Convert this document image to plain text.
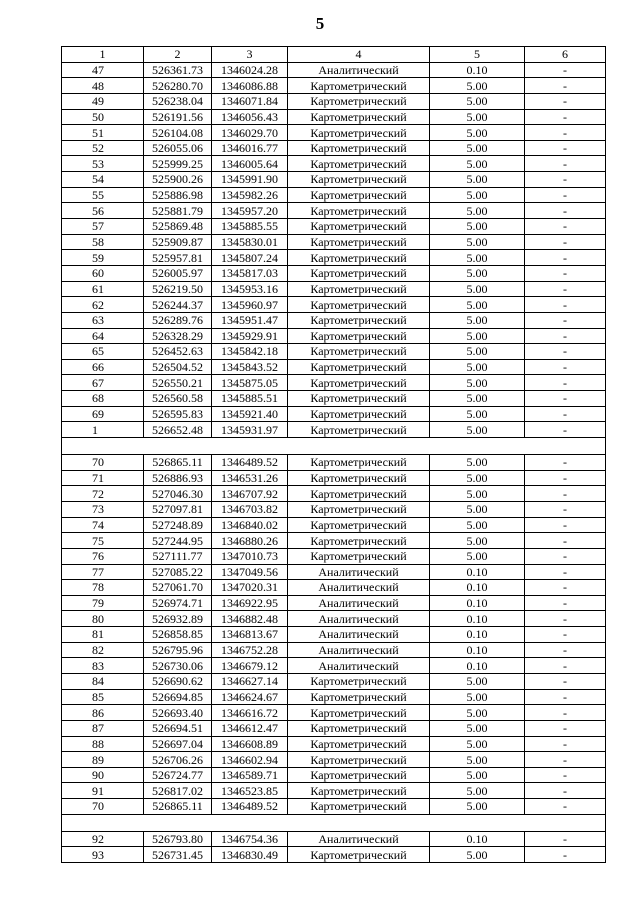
5
1	2	3	4	5	6
47	526361.73	1346024.28	Аналитический	0.10	-
48	526280.70	1346086.88	Картометрический	5.00	-
49	526238.04	1346071.84	Картометрический	5.00	-
50	526191.56	1346056.43	Картометрический	5.00	-
51	526104.08	1346029.70	Картометрический	5.00	-
52	526055.06	1346016.77	Картометрический	5.00	-
53	525999.25	1346005.64	Картометрический	5.00	-
54	525900.26	1345991.90	Картометрический	5.00	-
55	525886.98	1345982.26	Картометрический	5.00	-
56	525881.79	1345957.20	Картометрический	5.00	-
57	525869.48	1345885.55	Картометрический	5.00	-
58	525909.87	1345830.01	Картометрический	5.00	-
59	525957.81	1345807.24	Картометрический	5.00	-
60	526005.97	1345817.03	Картометрический	5.00	-
61	526219.50	1345953.16	Картометрический	5.00	-
62	526244.37	1345960.97	Картометрический	5.00	-
63	526289.76	1345951.47	Картометрический	5.00	-
64	526328.29	1345929.91	Картометрический	5.00	-
65	526452.63	1345842.18	Картометрический	5.00	-
66	526504.52	1345843.52	Картометрический	5.00	-
67	526550.21	1345875.05	Картометрический	5.00	-
68	526560.58	1345885.51	Картометрический	5.00	-
69	526595.83	1345921.40	Картометрический	5.00	-
1	526652.48	1345931.97	Картометрический	5.00	-

70	526865.11	1346489.52	Картометрический	5.00	-
71	526886.93	1346531.26	Картометрический	5.00	-
72	527046.30	1346707.92	Картометрический	5.00	-
73	527097.81	1346703.82	Картометрический	5.00	-
74	527248.89	1346840.02	Картометрический	5.00	-
75	527244.95	1346880.26	Картометрический	5.00	-
76	527111.77	1347010.73	Картометрический	5.00	-
77	527085.22	1347049.56	Аналитический	0.10	-
78	527061.70	1347020.31	Аналитический	0.10	-
79	526974.71	1346922.95	Аналитический	0.10	-
80	526932.89	1346882.48	Аналитический	0.10	-
81	526858.85	1346813.67	Аналитический	0.10	-
82	526795.96	1346752.28	Аналитический	0.10	-
83	526730.06	1346679.12	Аналитический	0.10	-
84	526690.62	1346627.14	Картометрический	5.00	-
85	526694.85	1346624.67	Картометрический	5.00	-
86	526693.40	1346616.72	Картометрический	5.00	-
87	526694.51	1346612.47	Картометрический	5.00	-
88	526697.04	1346608.89	Картометрический	5.00	-
89	526706.26	1346602.94	Картометрический	5.00	-
90	526724.77	1346589.71	Картометрический	5.00	-
91	526817.02	1346523.85	Картометрический	5.00	-
70	526865.11	1346489.52	Картометрический	5.00	-

92	526793.80	1346754.36	Аналитический	0.10	-
93	526731.45	1346830.49	Картометрический	5.00	-
